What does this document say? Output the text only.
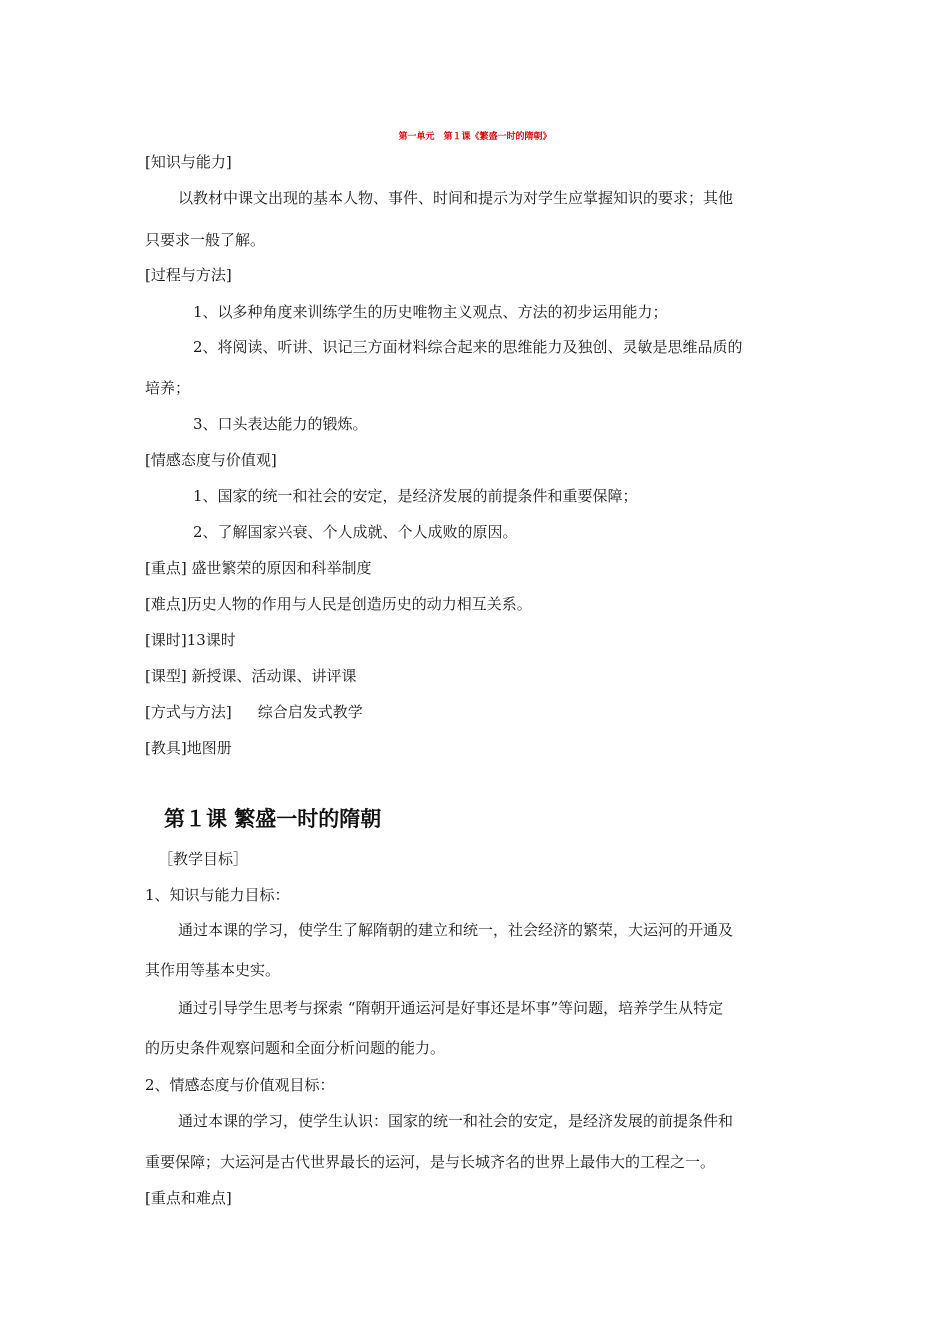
第一单元　第１课《繁盛一时的隋朝》
[知识与能力]
以教材中课文出现的基本人物、事件、时间和提示为对学生应掌握知识的要求；其他
只要求一般了解。
[过程与方法]
1、以多种角度来训练学生的历史唯物主义观点、方法的初步运用能力；
2、将阅读、听讲、识记三方面材料综合起来的思维能力及独创、灵敏是思维品质的
培养；
3、口头表达能力的锻炼。
[情感态度与价值观]
1、国家的统一和社会的安定，是经济发展的前提条件和重要保障；
2、了解国家兴衰、个人成就、个人成败的原因。
[重点] 盛世繁荣的原因和科举制度
[难点]历史人物的作用与人民是创造历史的动力相互关系。
[课时]13课时
[课型] 新授课、活动课、讲评课
[方式与方法] 综合启发式教学
[教具]地图册
第１课 繁盛一时的隋朝
［教学目标］
1、知识与能力目标：
通过本课的学习，使学生了解隋朝的建立和统一，社会经济的繁荣，大运河的开通及
其作用等基本史实。
通过引导学生思考与探索 “隋朝开通运河是好事还是坏事”等问题，培养学生从特定
的历史条件观察问题和全面分析问题的能力。
2、情感态度与价值观目标：
通过本课的学习，使学生认识：国家的统一和社会的安定，是经济发展的前提条件和
重要保障；大运河是古代世界最长的运河，是与长城齐名的世界上最伟大的工程之一。
[重点和难点]
